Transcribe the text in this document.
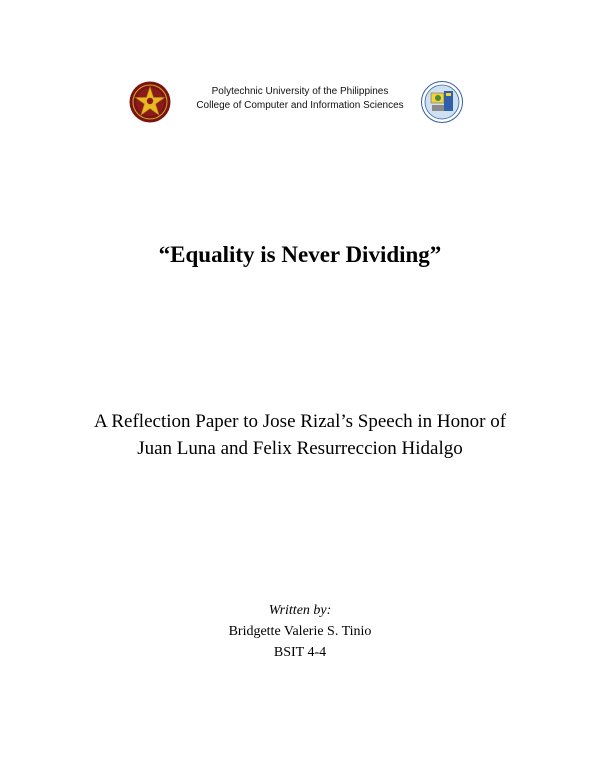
Polytechnic University of the Philippines
College of Computer and Information Sciences
“Equality is Never Dividing”
A Reflection Paper to Jose Rizal’s Speech in Honor of
Juan Luna and Felix Resurreccion Hidalgo
Written by:
Bridgette Valerie S. Tinio
BSIT 4-4
